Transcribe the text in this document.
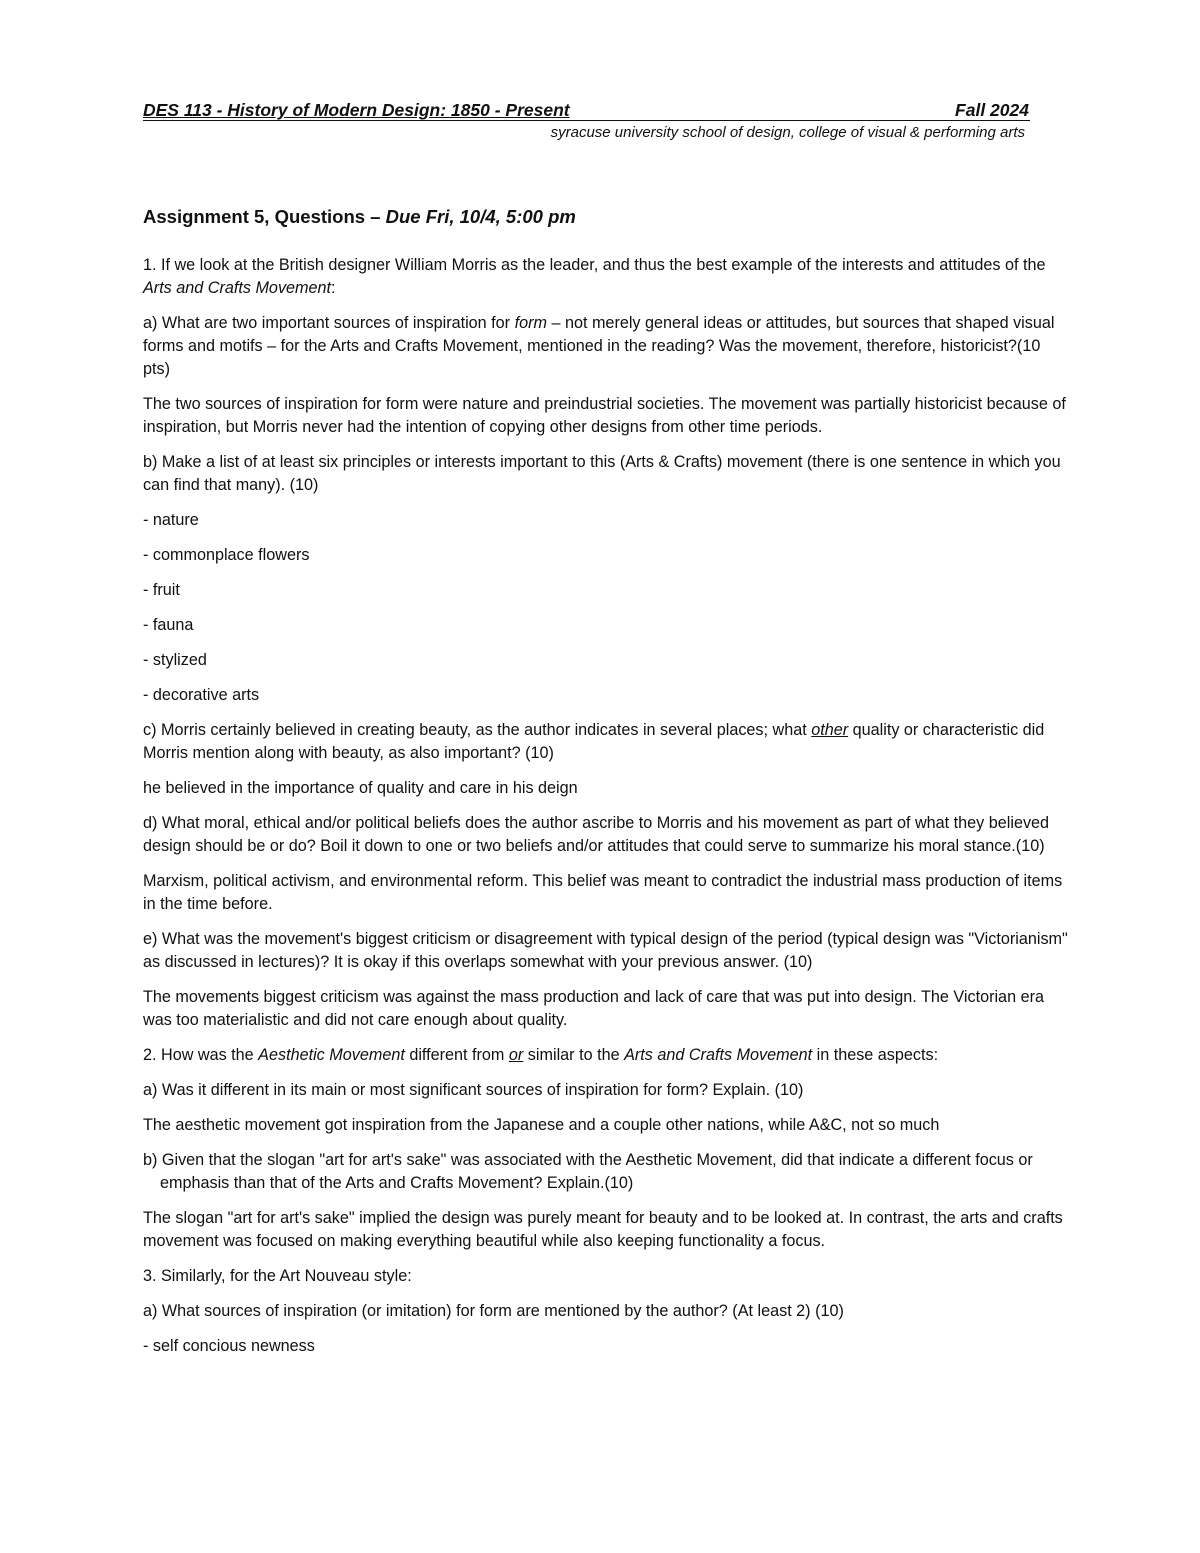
DES 113 - History of Modern Design: 1850 - Present	Fall 2024
syracuse university school of design, college of visual & performing arts
Assignment 5, Questions – Due Fri, 10/4, 5:00 pm

1. If we look at the British designer William Morris as the leader, and thus the best example of the interests and attitudes of the Arts and Crafts Movement:

a) What are two important sources of inspiration for form – not merely general ideas or attitudes, but sources that shaped visual forms and motifs – for the Arts and Crafts Movement, mentioned in the reading? Was the movement, therefore, historicist?(10 pts)

The two sources of inspiration for form were nature and preindustrial societies. The movement was partially historicist because of inspiration, but Morris never had the intention of copying other designs from other time periods.

b) Make a list of at least six principles or interests important to this (Arts & Crafts) movement (there is one sentence in which you can find that many). (10)

- nature

- commonplace flowers

- fruit

- fauna

- stylized

- decorative arts

c) Morris certainly believed in creating beauty, as the author indicates in several places; what other quality or characteristic did Morris mention along with beauty, as also important? (10)

he believed in the importance of quality and care in his deign

d) What moral, ethical and/or political beliefs does the author ascribe to Morris and his movement as part of what they believed design should be or do? Boil it down to one or two beliefs and/or attitudes that could serve to summarize his moral stance.(10)

Marxism, political activism, and environmental reform. This belief was meant to contradict the industrial mass production of items in the time before.

e) What was the movement's biggest criticism or disagreement with typical design of the period (typical design was "Victorianism" as discussed in lectures)? It is okay if this overlaps somewhat with your previous answer. (10)

The movements biggest criticism was against the mass production and lack of care that was put into design. The Victorian era was too materialistic and did not care enough about quality.

2. How was the Aesthetic Movement different from or similar to the Arts and Crafts Movement in these aspects:

a) Was it different in its main or most significant sources of inspiration for form? Explain. (10)

The aesthetic movement got inspiration from the Japanese and a couple other nations, while A&C, not so much

b) Given that the slogan "art for art's sake" was associated with the Aesthetic Movement, did that indicate a different focus or emphasis than that of the Arts and Crafts Movement? Explain.(10)

The slogan "art for art's sake" implied the design was purely meant for beauty and to be looked at. In contrast, the arts and crafts movement was focused on making everything beautiful while also keeping functionality a focus.

3. Similarly, for the Art Nouveau style:

a) What sources of inspiration (or imitation) for form are mentioned by the author? (At least 2) (10)

- self concious newness
